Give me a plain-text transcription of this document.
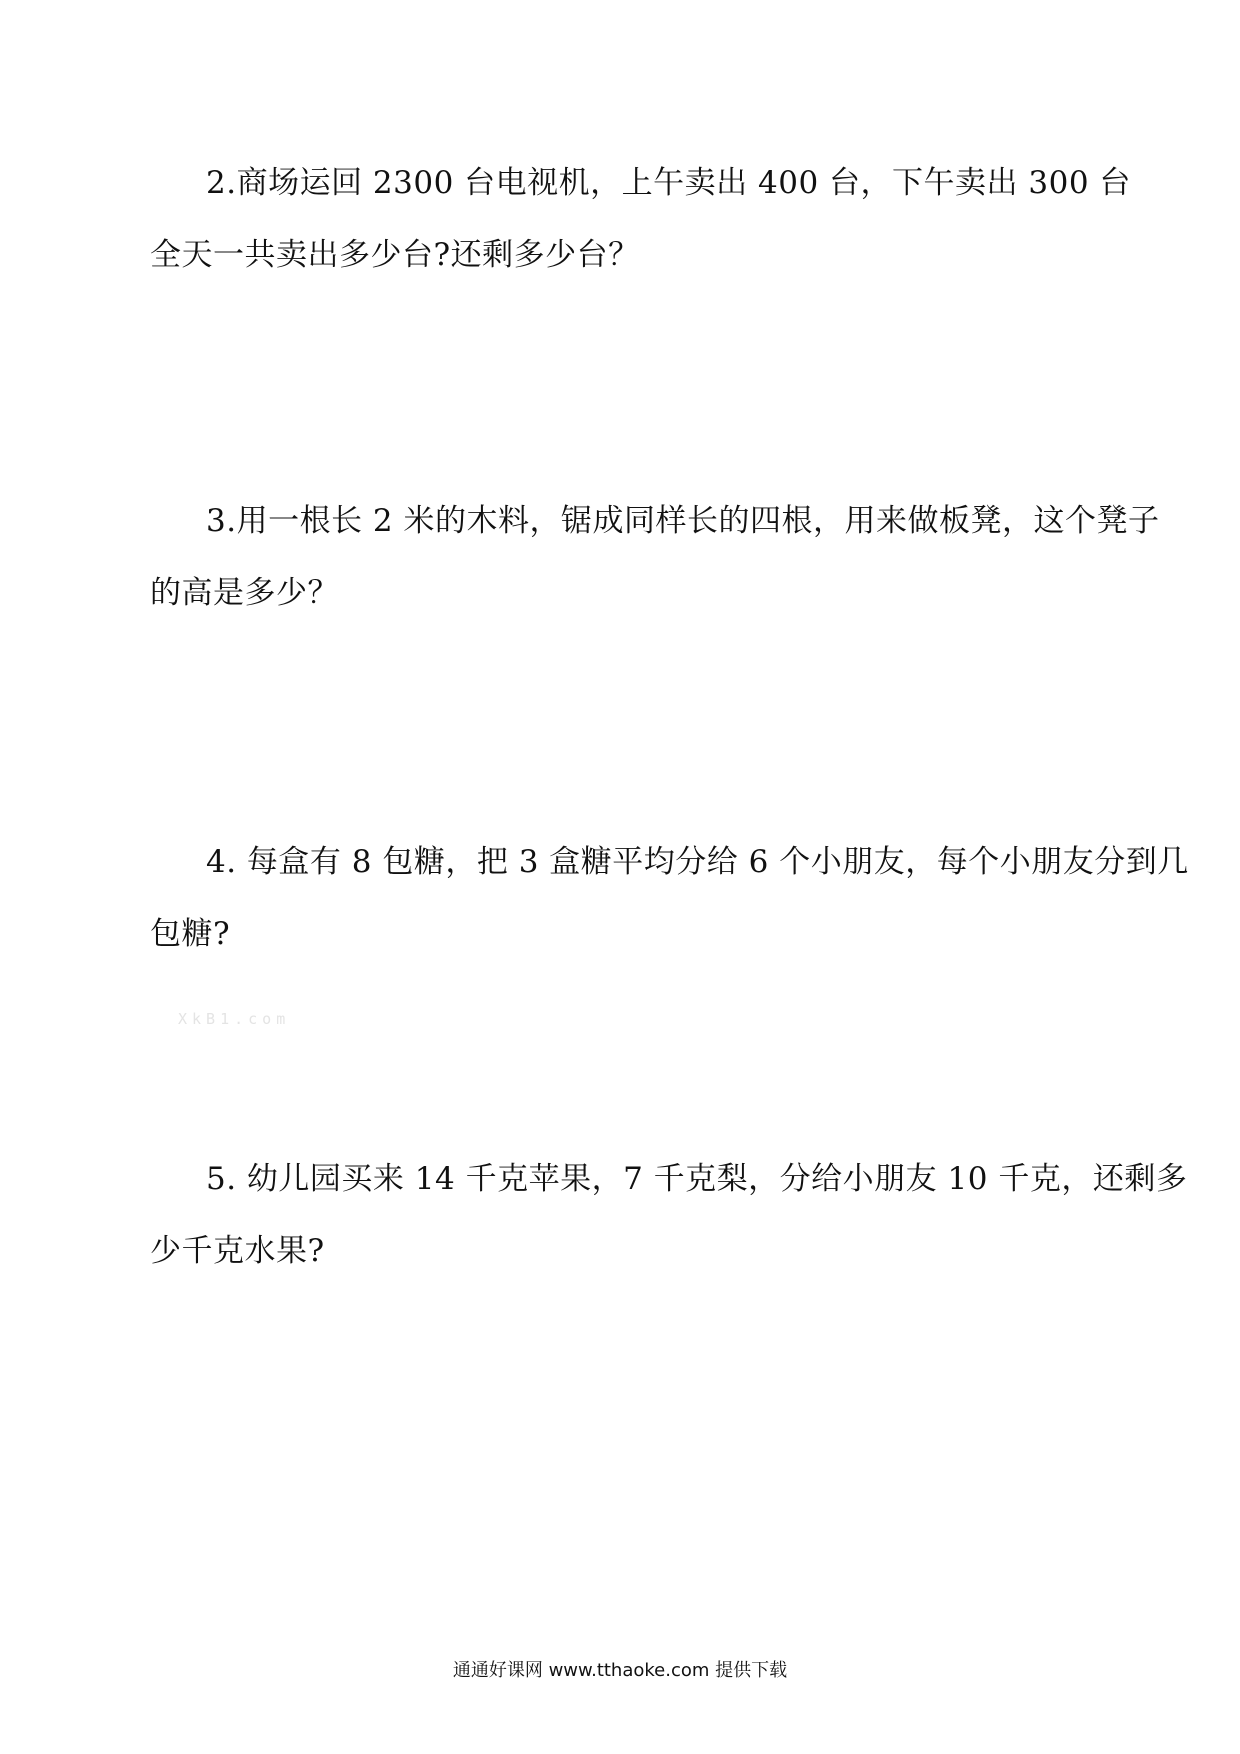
2.商场运回 2300 台电视机，上午卖出 400 台，下午卖出 300 台
全天一共卖出多少台?还剩多少台？
3.用一根长 2 米的木料，锯成同样长的四根，用来做板凳，这个凳子
的高是多少？
4. 每盒有 8 包糖，把 3 盒糖平均分给 6 个小朋友，每个小朋友分到几
包糖?
XkB1.com
5. 幼儿园买来 14 千克苹果，7 千克梨，分给小朋友 10 千克，还剩多
少千克水果?
通通好课网 www.tthaoke.com 提供下载
